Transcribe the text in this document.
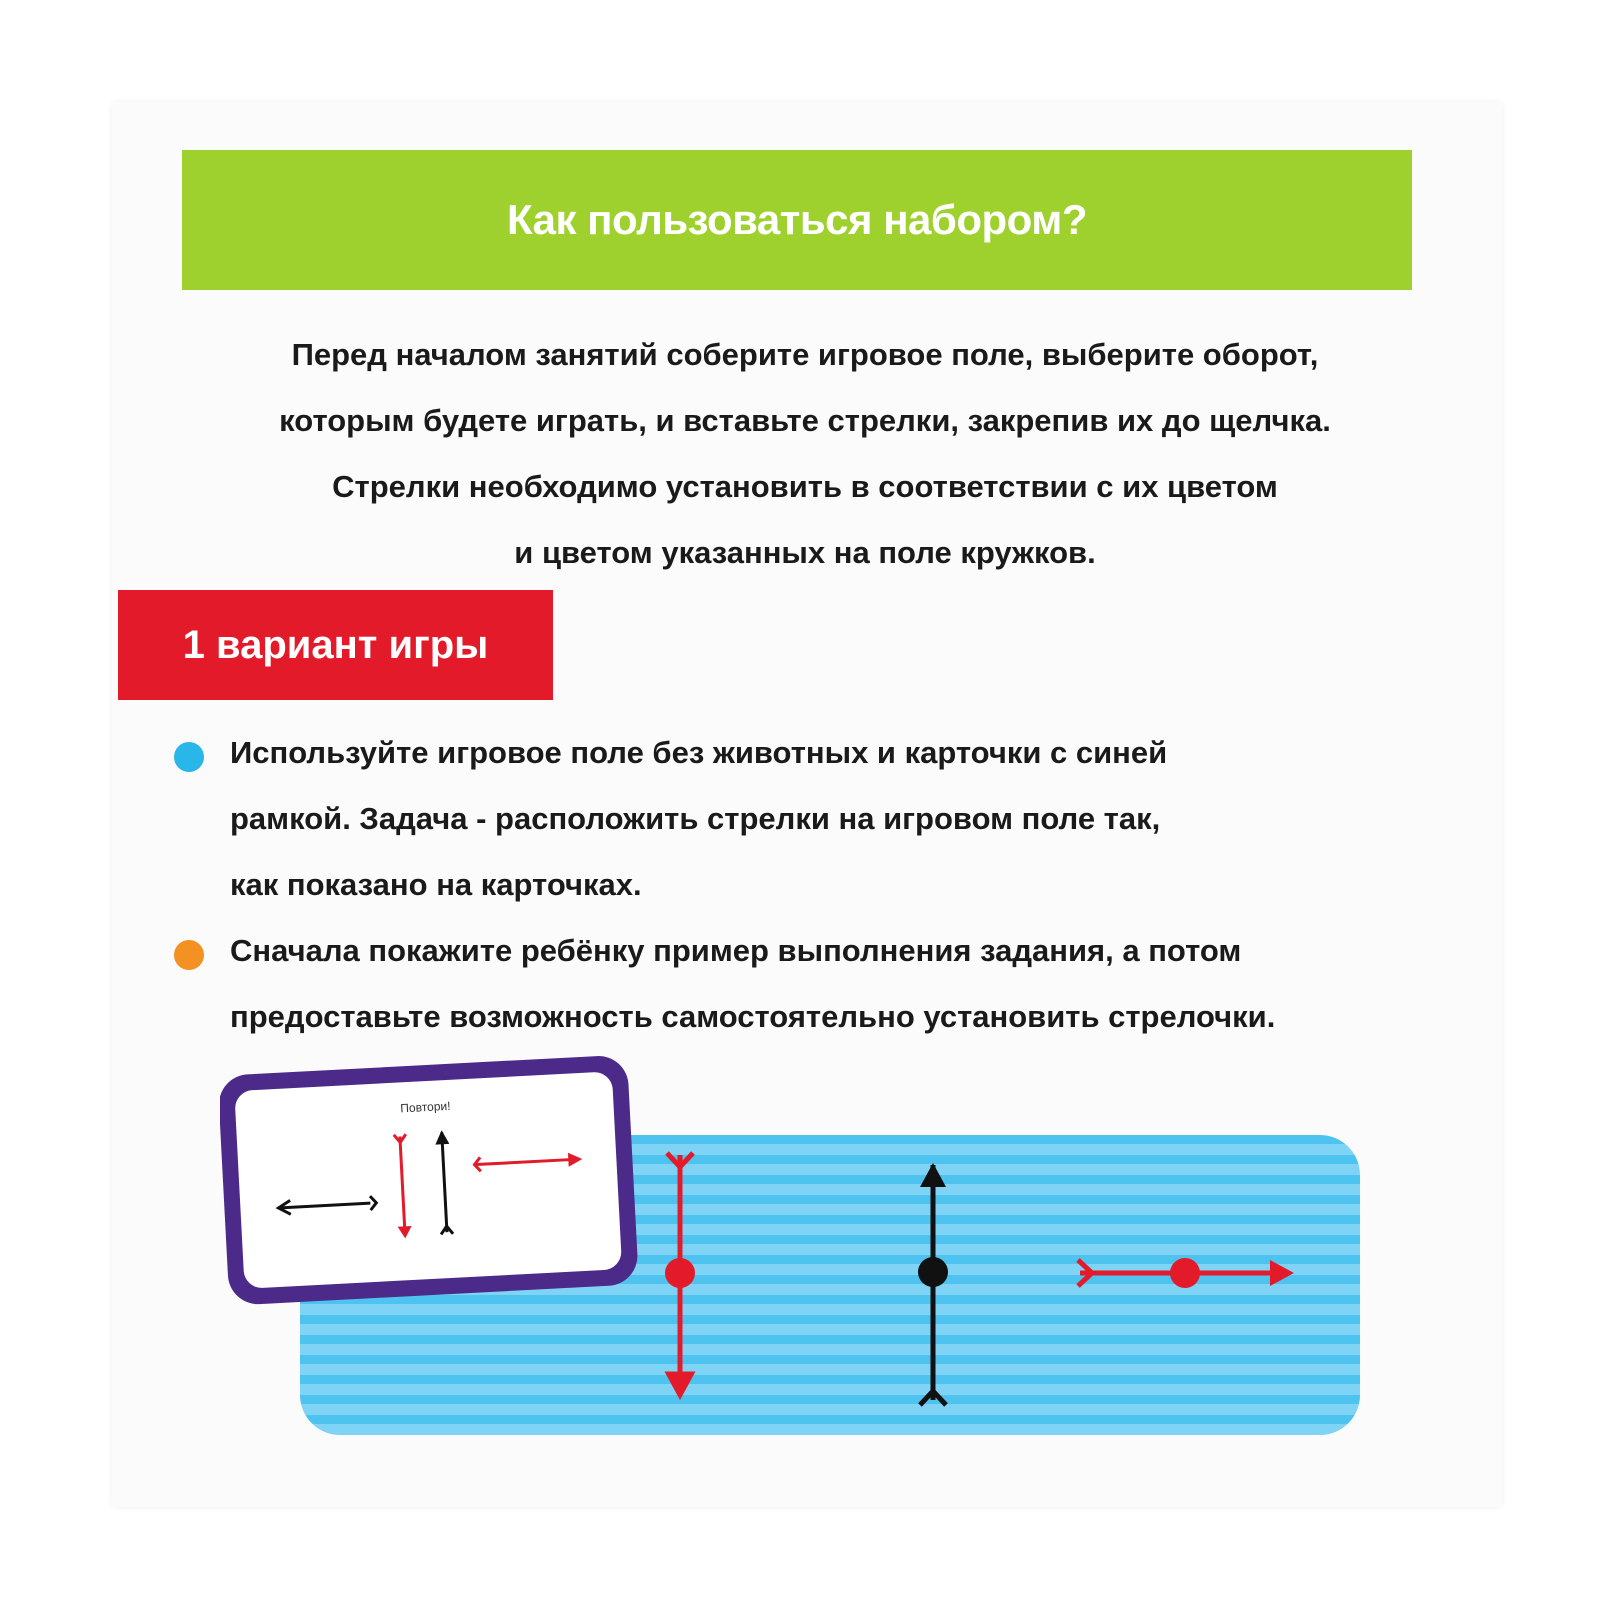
Как пользоваться набором?
Перед началом занятий соберите игровое поле, выберите оборот,
которым будете играть, и вставьте стрелки, закрепив их до щелчка.
Стрелки необходимо установить в соответствии с их цветом
и цветом указанных на поле кружков.
1 вариант игры
Используйте игровое поле без животных и карточки с синей
рамкой. Задача - расположить стрелки на игровом поле так,
как показано на карточках.
Сначала покажите ребёнку пример выполнения задания, а потом
предоставьте возможность самостоятельно установить стрелочки.
Повтори!
